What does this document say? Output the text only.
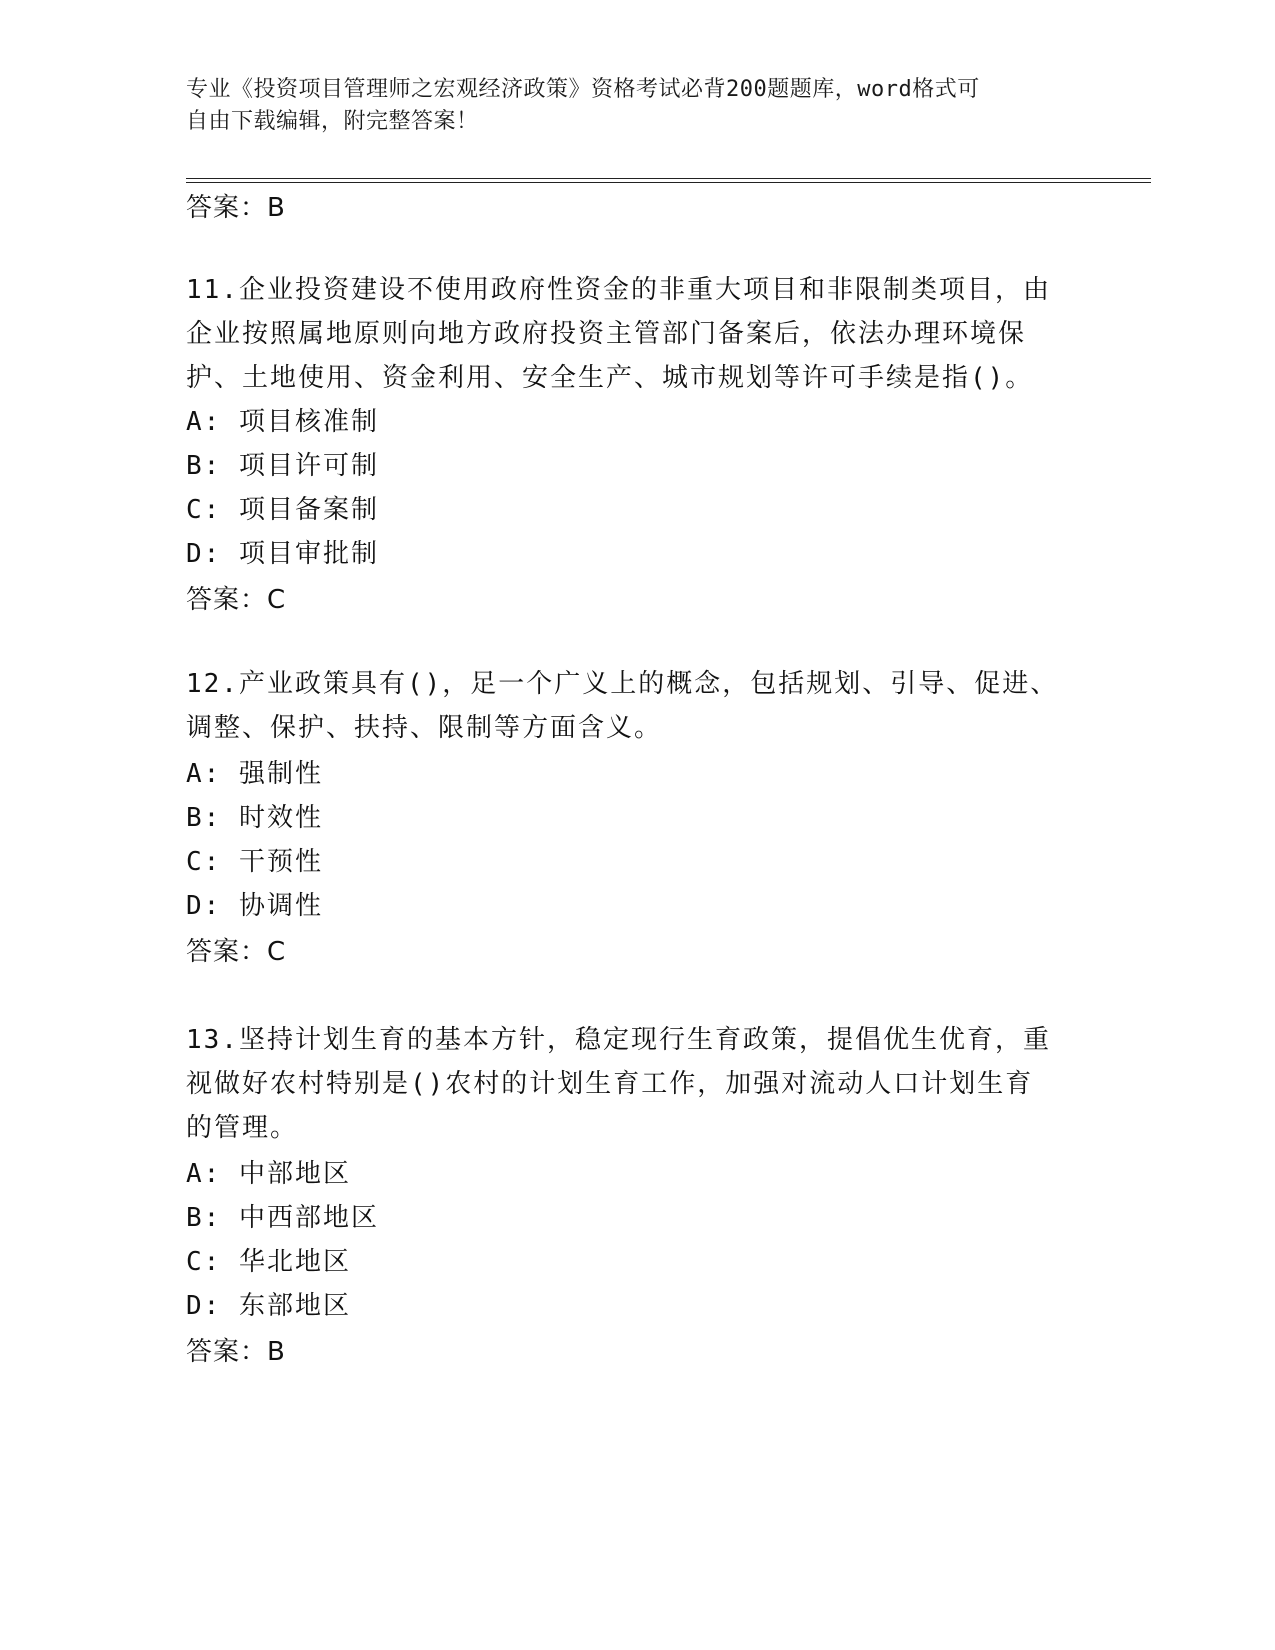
专业《投资项目管理师之宏观经济政策》资格考试必背200题题库，word格式可
自由下载编辑，附完整答案！
答案：B
11.企业投资建设不使用政府性资金的非重大项目和非限制类项目，由
企业按照属地原则向地方政府投资主管部门备案后，依法办理环境保
护、土地使用、资金利用、安全生产、城市规划等许可手续是指()。
A: 项目核准制
B: 项目许可制
C: 项目备案制
D: 项目审批制
答案：C
12.产业政策具有()，足一个广义上的概念，包括规划、引导、促进、
调整、保护、扶持、限制等方面含义。
A: 强制性
B: 时效性
C: 干预性
D: 协调性
答案：C
13.坚持计划生育的基本方针，稳定现行生育政策，提倡优生优育，重
视做好农村特别是()农村的计划生育工作，加强对流动人口计划生育
的管理。
A: 中部地区
B: 中西部地区
C: 华北地区
D: 东部地区
答案：B
